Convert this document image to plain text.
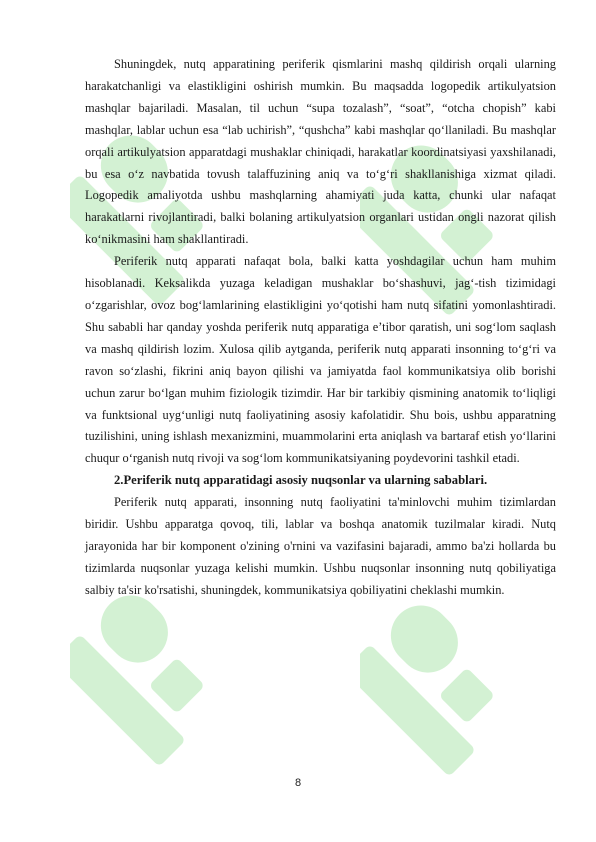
Shuningdek, nutq apparatining periferik qismlarini mashq qildirish orqali ularning harakatchanligi va elastikligini oshirish mumkin. Bu maqsadda logopedik artikulyatsion mashqlar bajariladi. Masalan, til uchun “supa tozalash”, “soat”, “otcha chopish” kabi mashqlar, lablar uchun esa “lab uchirish”, “qushcha” kabi mashqlar qo‘llaniladi. Bu mashqlar orqali artikulyatsion apparatdagi mushaklar chiniqadi, harakatlar koordinatsiyasi yaxshilanadi, bu esa o‘z navbatida tovush talaffuzining aniq va to‘g‘ri shakllanishiga xizmat qiladi. Logopedik amaliyotda ushbu mashqlarning ahamiyati juda katta, chunki ular nafaqat harakatlarni rivojlantiradi, balki bolaning artikulyatsion organlari ustidan ongli nazorat qilish ko‘nikmasini ham shakllantiradi.

Periferik nutq apparati nafaqat bola, balki katta yoshdagilar uchun ham muhim hisoblanadi. Keksalikda yuzaga keladigan mushaklar bo‘shashuvi, jag‘-tish tizimidagi o‘zgarishlar, ovoz bog‘lamlarining elastikligini yo‘qotishi ham nutq sifatini yomonlashtiradi. Shu sababli har qanday yoshda periferik nutq apparatiga e’tibor qaratish, uni sog‘lom saqlash va mashq qildirish lozim. Xulosa qilib aytganda, periferik nutq apparati insonning to‘g‘ri va ravon so‘zlashi, fikrini aniq bayon qilishi va jamiyatda faol kommunikatsiya olib borishi uchun zarur bo‘lgan muhim fiziologik tizimdir. Har bir tarkibiy qismining anatomik to‘liqligi va funktsional uyg‘unligi nutq faoliyatining asosiy kafolatidir. Shu bois, ushbu apparatning tuzilishini, uning ishlash mexanizmini, muammolarini erta aniqlash va bartaraf etish yo‘llarini chuqur o‘rganish nutq rivoji va sog‘lom kommunikatsiyaning poydevorini tashkil etadi.

2.Periferik nutq apparatidagi asosiy nuqsonlar va ularning sabablari.

Periferik nutq apparati, insonning nutq faoliyatini ta'minlovchi muhim tizimlardan biridir. Ushbu apparatga qovoq, tili, lablar va boshqa anatomik tuzilmalar kiradi. Nutq jarayonida har bir komponent o'zining o'rnini va vazifasini bajaradi, ammo ba'zi hollarda bu tizimlarda nuqsonlar yuzaga kelishi mumkin. Ushbu nuqsonlar insonning nutq qobiliyatiga salbiy ta'sir ko'rsatishi, shuningdek, kommunikatsiya qobiliyatini cheklashi mumkin.

8
